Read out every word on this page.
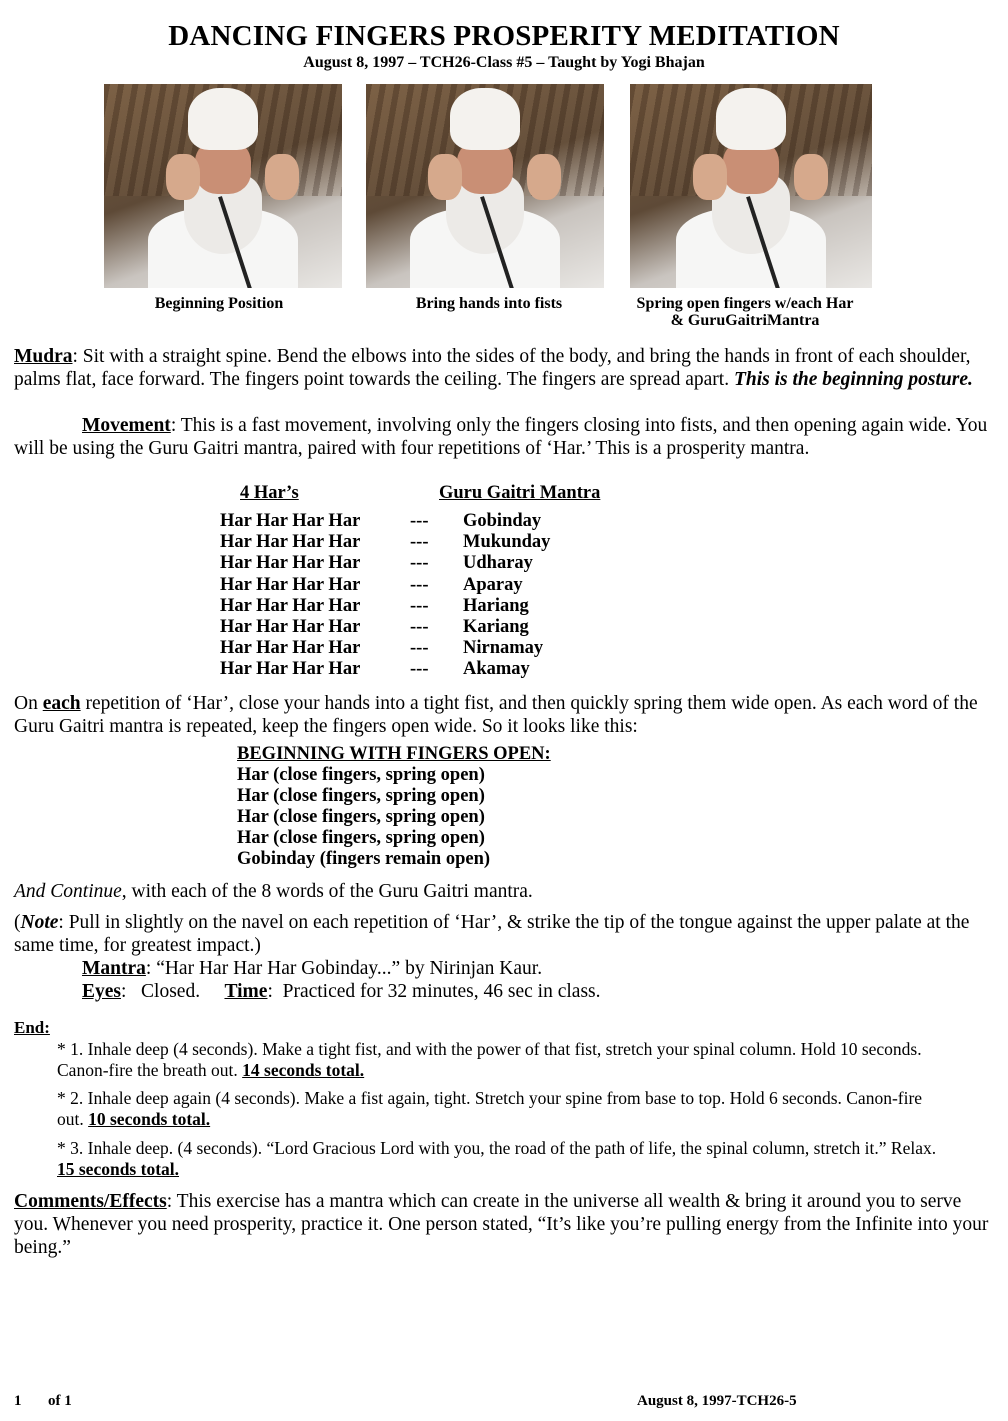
DANCING FINGERS PROSPERITY MEDITATION
August 8, 1997 – TCH26-Class #5 – Taught by Yogi Bhajan
Beginning Position	Bring hands into fists	Spring open fingers w/each Har
& GuruGaitriMantra
Mudra: Sit with a straight spine. Bend the elbows into the sides of the body, and bring the hands in front of each shoulder, palms flat, face forward. The fingers point towards the ceiling. The fingers are spread apart. This is the beginning posture.
Movement: This is a fast movement, involving only the fingers closing into fists, and then opening again wide. You will be using the Guru Gaitri mantra, paired with four repetitions of ‘Har.’ This is a prosperity mantra.
4 Har’s	Guru Gaitri Mantra
Har Har Har Har	--- Gobinday
Har Har Har Har	--- Mukunday
Har Har Har Har	--- Udharay
Har Har Har Har	--- Aparay
Har Har Har Har	--- Hariang
Har Har Har Har	--- Kariang
Har Har Har Har	--- Nirnamay
Har Har Har Har	--- Akamay
On each repetition of ‘Har’, close your hands into a tight fist, and then quickly spring them wide open. As each word of the Guru Gaitri mantra is repeated, keep the fingers open wide. So it looks like this:
BEGINNING WITH FINGERS OPEN:
Har (close fingers, spring open)
Har (close fingers, spring open)
Har (close fingers, spring open)
Har (close fingers, spring open)
Gobinday (fingers remain open)
And Continue, with each of the 8 words of the Guru Gaitri mantra.
(Note: Pull in slightly on the navel on each repetition of ‘Har’, & strike the tip of the tongue against the upper palate at the same time, for greatest impact.)
Mantra: “Har Har Har Har Gobinday...” by Nirinjan Kaur.
Eyes:   Closed.     Time:  Practiced for 32 minutes, 46 sec in class.
End:
* 1. Inhale deep (4 seconds). Make a tight fist, and with the power of that fist, stretch your spinal column. Hold 10 seconds. Canon-fire the breath out. 14 seconds total.
* 2. Inhale deep again (4 seconds). Make a fist again, tight. Stretch your spine from base to top. Hold 6 seconds. Canon-fire out. 10 seconds total.
* 3. Inhale deep. (4 seconds). “Lord Gracious Lord with you, the road of the path of life, the spinal column, stretch it.” Relax. 15 seconds total.
Comments/Effects: This exercise has a mantra which can create in the universe all wealth & bring it around you to serve you. Whenever you need prosperity, practice it. One person stated, “It’s like you’re pulling energy from the Infinite into your being.”
1 of 1	August 8, 1997-TCH26-5
